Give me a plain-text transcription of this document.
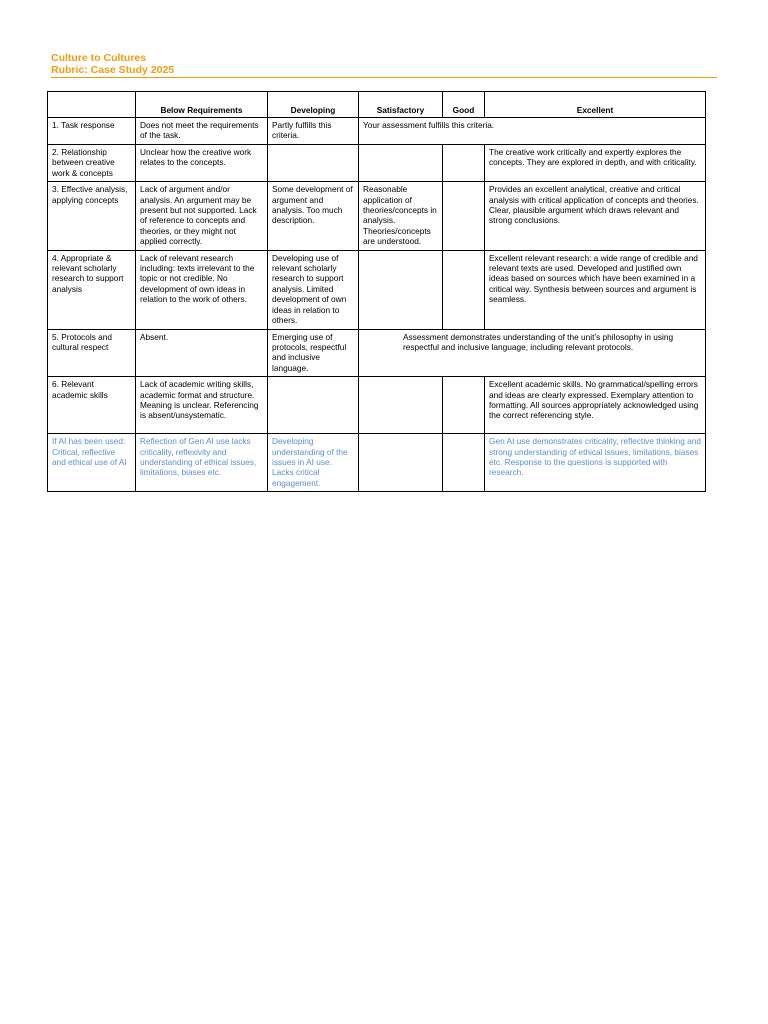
Culture to Cultures
Rubric: Case Study 2025
	Below Requirements	Developing	Satisfactory	Good	Excellent
1. Task response	Does not meet the requirements of the task.	Partly fulfills this criteria.	Your assessment fulfills this criteria.		
2. Relationship between creative work & concepts	Unclear how the creative work relates to the concepts.				The creative work critically and expertly explores the concepts. They are explored in depth, and with criticality.
3. Effective analysis, applying concepts	Lack of argument and/or analysis. An argument may be present but not supported. Lack of reference to concepts and theories, or they might not applied correctly.	Some development of argument and analysis. Too much description.	Reasonable application of theories/concepts in analysis. Theories/concepts are understood.		Provides an excellent analytical, creative and critical analysis with critical application of concepts and theories. Clear, plausible argument which draws relevant and strong conclusions.
4. Appropriate & relevant scholarly research to support analysis	Lack of relevant research including: texts irrelevant to the topic or not credible. No development of own ideas in relation to the work of others.	Developing use of relevant scholarly research to support analysis. Limited development of own ideas in relation to others.			Excellent relevant research: a wide range of credible and relevant texts are used. Developed and justified own ideas based on sources which have been examined in a critical way. Synthesis between sources and argument is seamless.
5. Protocols and cultural respect	Absent.	Emerging use of protocols, respectful and inclusive language.	Assessment demonstrates understanding of the unit’s philosophy in using respectful and inclusive language, including relevant protocols.		
6. Relevant academic skills	Lack of academic writing skills, academic format and structure. Meaning is unclear. Referencing is absent/unsystematic.				Excellent academic skills. No grammatical/spelling errors and ideas are clearly expressed. Exemplary attention to formatting. All sources appropriately acknowledged using the correct referencing style.
If AI has been used: Critical, reflective and ethical use of AI	Reflection of Gen AI use lacks criticality, reflexivity and understanding of ethical issues, limitations, biases etc.	Developing understanding of the issues in AI use. Lacks critical engagement.			Gen AI use demonstrates criticality, reflective thinking and strong understanding of ethical issues, limitations, biases etc. Response to the questions is supported with research.
